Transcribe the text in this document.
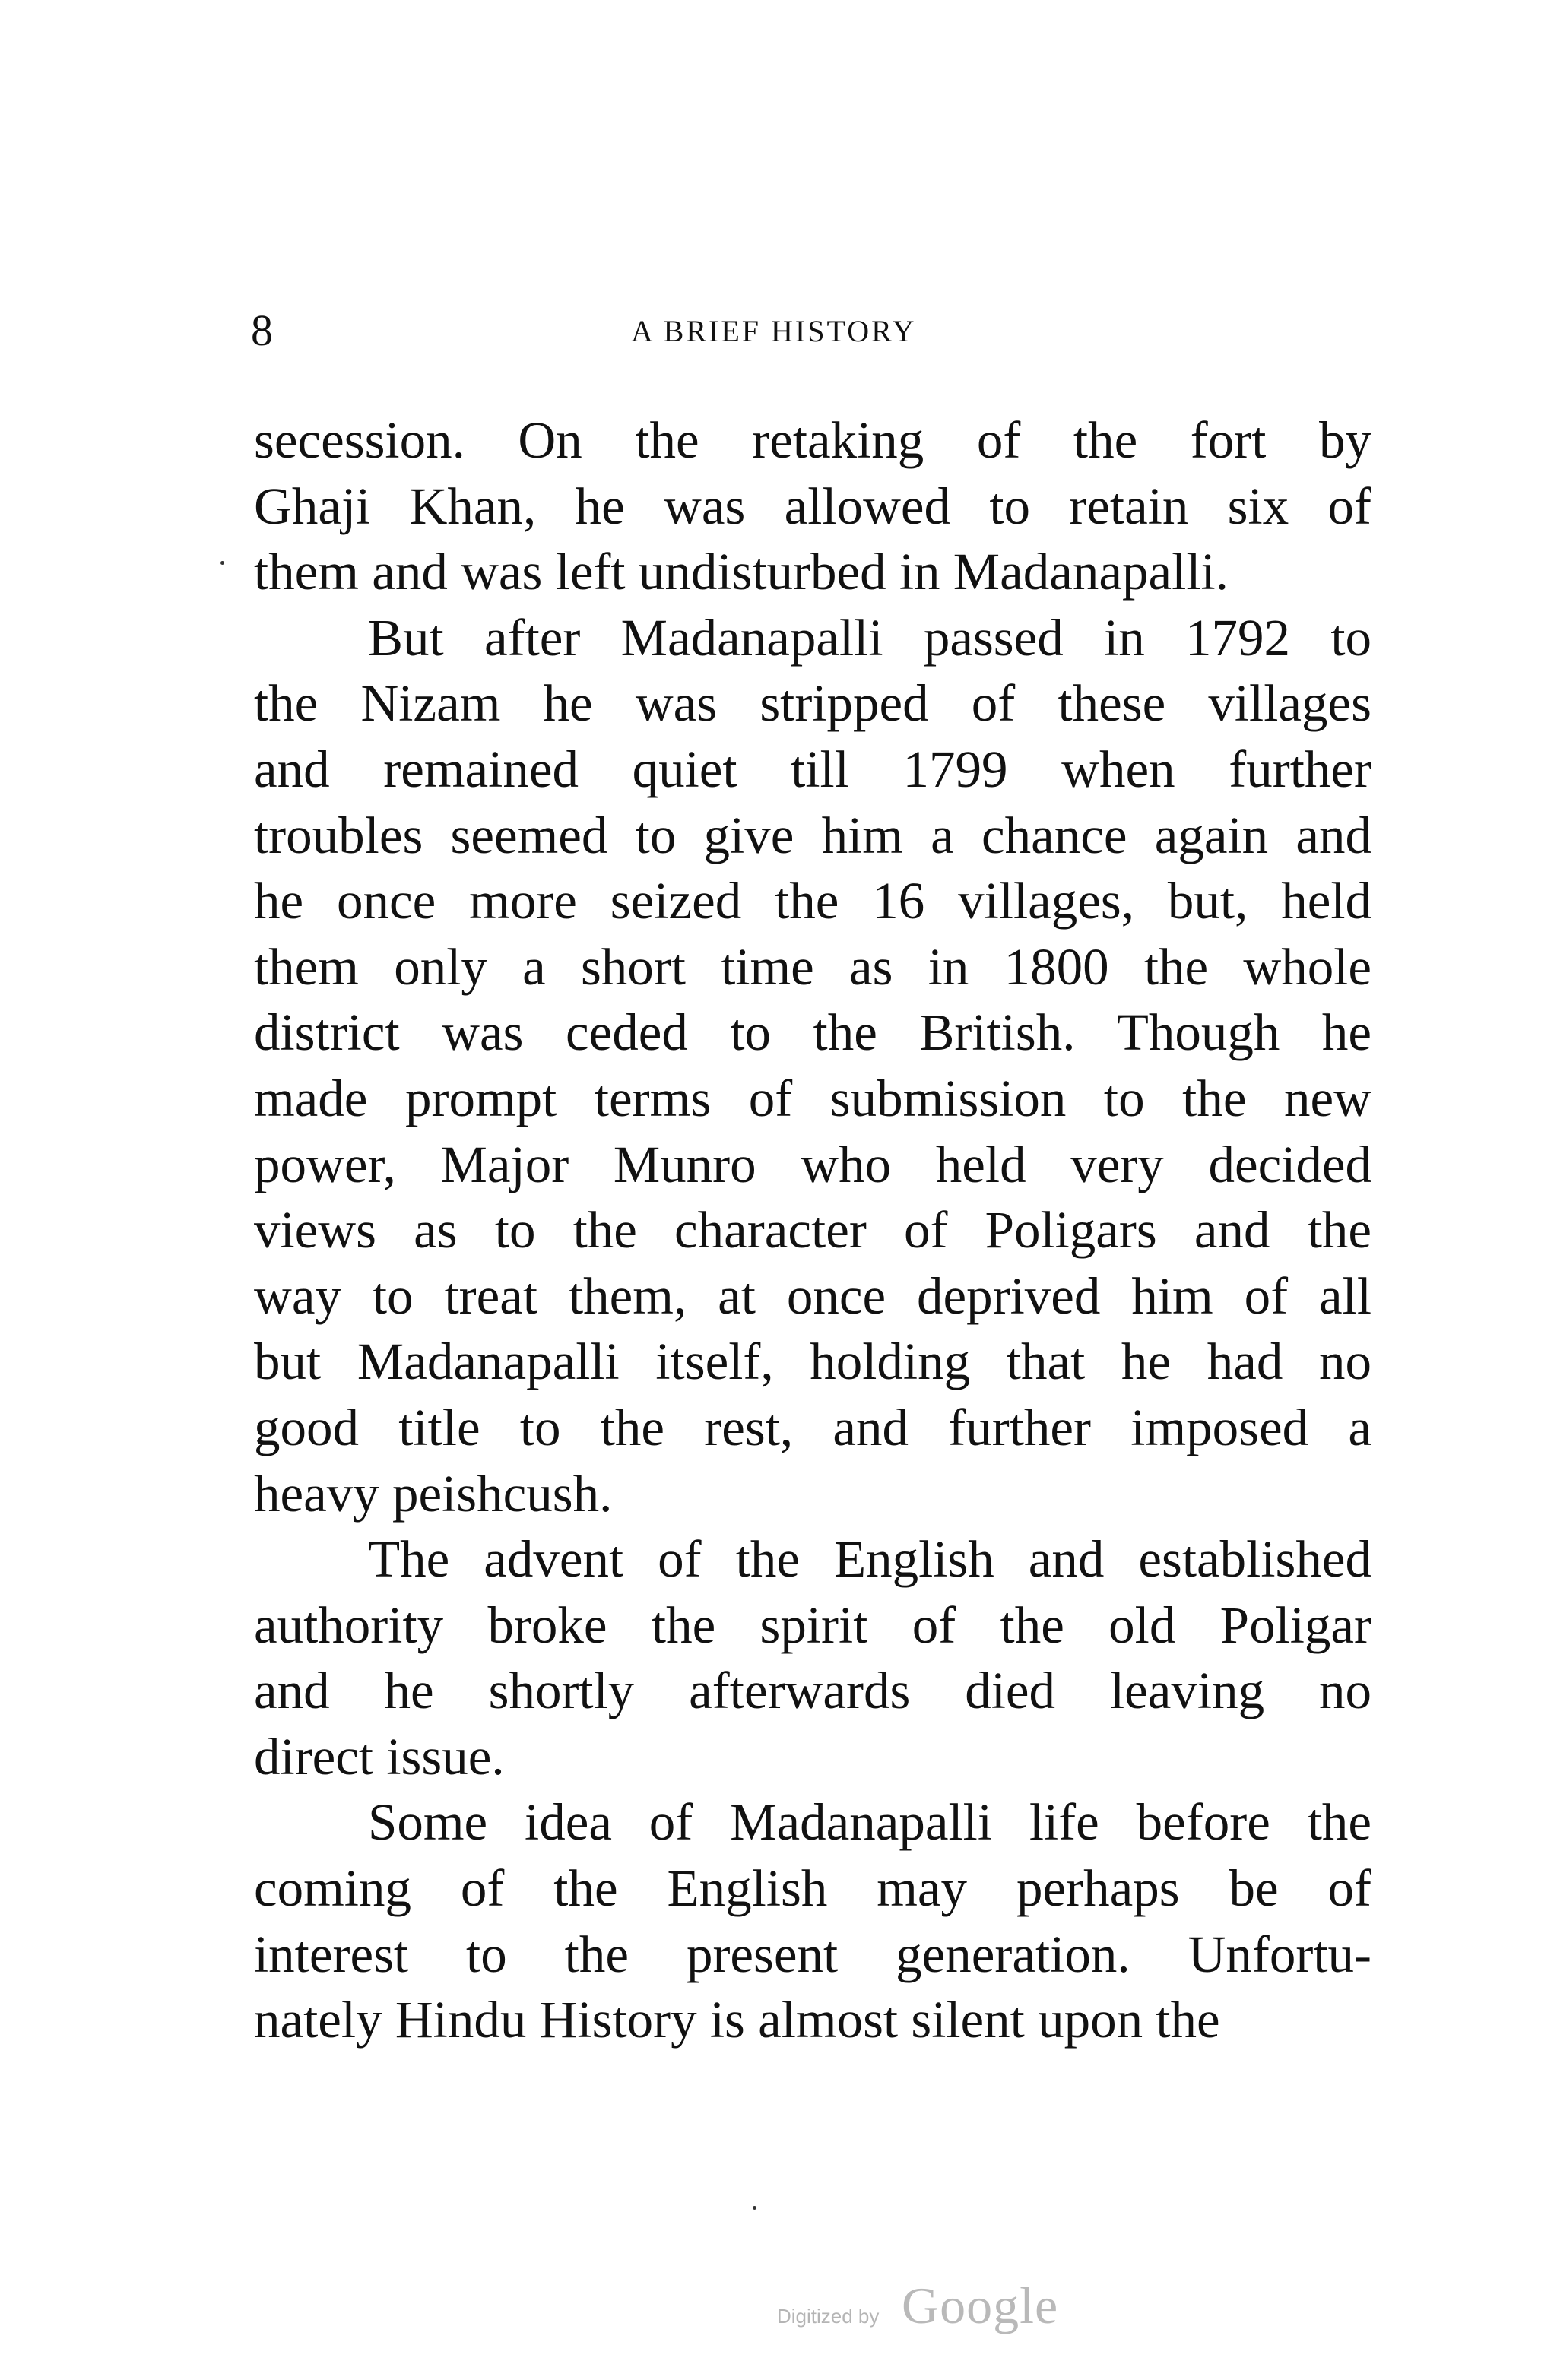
8	A BRIEF HISTORY
secession. On the retaking of the fort by
Ghaji Khan, he was allowed to retain six of
them and was left undisturbed in Madanapalli.
But after Madanapalli passed in 1792 to
the Nizam he was stripped of these villages
and remained quiet till 1799 when further
troubles seemed to give him a chance again and
he once more seized the 16 villages, but, held
them only a short time as in 1800 the whole
district was ceded to the British. Though he
made prompt terms of submission to the new
power, Major Munro who held very decided
views as to the character of Poligars and the
way to treat them, at once deprived him of all
but Madanapalli itself, holding that he had no
good title to the rest, and further imposed a
heavy peishcush.
The advent of the English and established
authority broke the spirit of the old Poligar
and he shortly afterwards died leaving no
direct issue.
Some idea of Madanapalli life before the
coming of the English may perhaps be of
interest to the present generation. Unfortu-
nately Hindu History is almost silent upon the
Digitized by Google
